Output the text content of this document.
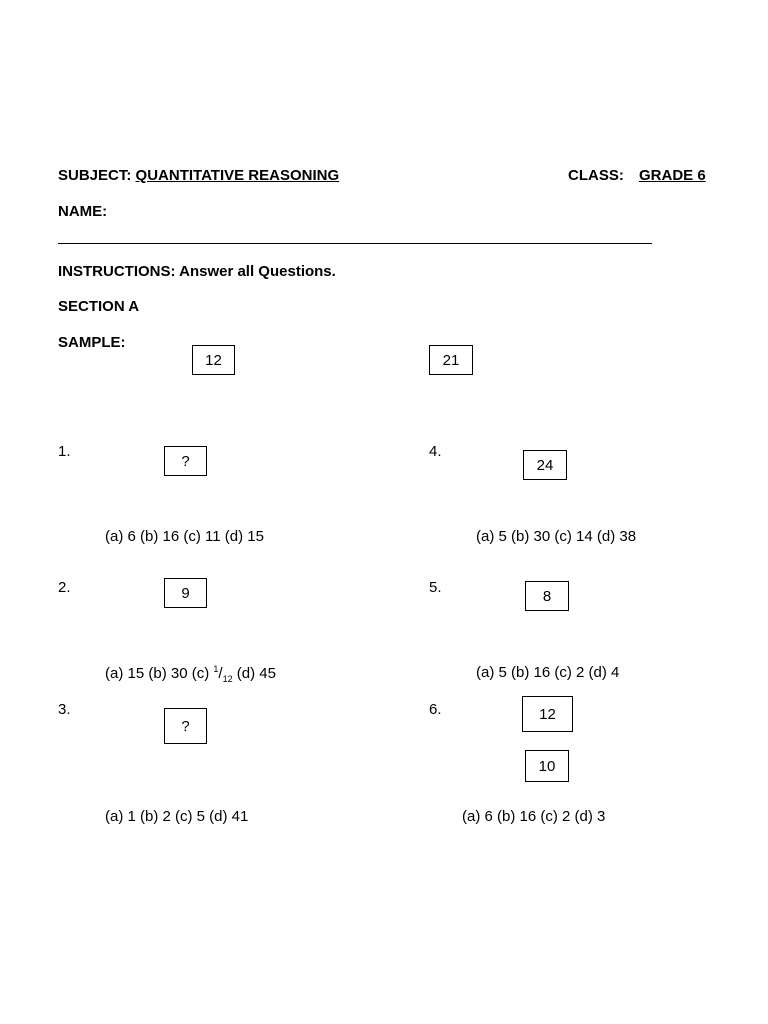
SUBJECT: QUANTITATIVE REASONING	CLASS: GRADE 6
NAME:
INSTRUCTIONS: Answer all Questions.
SECTION A
SAMPLE:
12	21
1.
?
(a) 6 (b) 16 (c) 11 (d) 15
4.
24
(a) 5 (b) 30 (c) 14 (d) 38
2.	9
(a) 15 (b) 30 (c) $^1/_{12}$ (d) 45
5.	8
(a) 5 (b) 16 (c) 2 (d) 4
3.
?
(a) 1 (b) 2 (c) 5 (d) 41
6.	12
10
(a) 6 (b) 16 (c) 2 (d) 3
